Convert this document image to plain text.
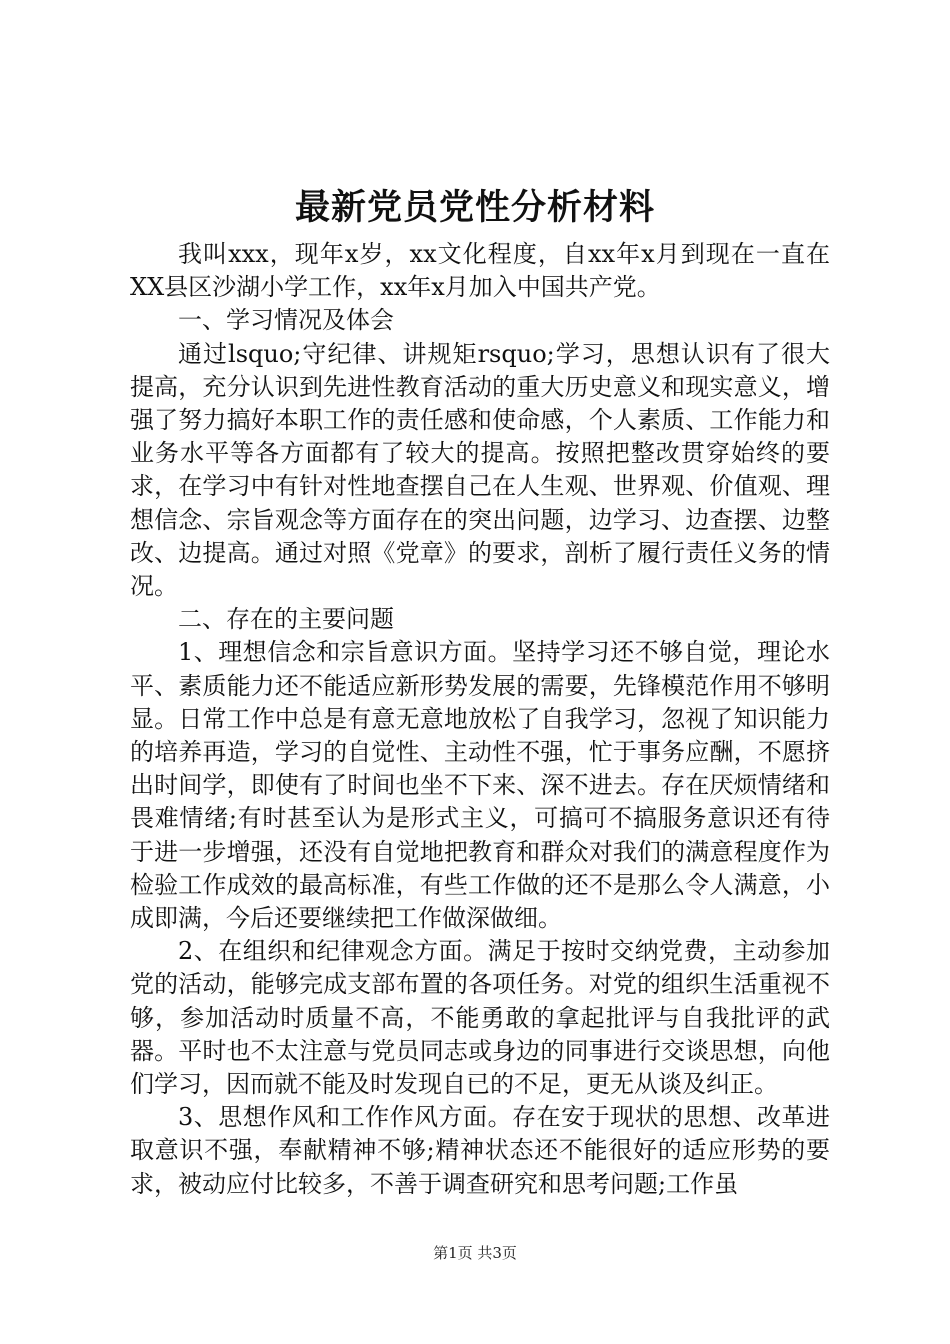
最新党员党性分析材料

我叫xxx，现年x岁，xx文化程度，自xx年x月到现在一直在XX县区沙湖小学工作，xx年x月加入中国共产党。

一、学习情况及体会

通过lsquo;守纪律、讲规矩rsquo;学习，思想认识有了很大提高，充分认识到先进性教育活动的重大历史意义和现实意义，增强了努力搞好本职工作的责任感和使命感，个人素质、工作能力和业务水平等各方面都有了较大的提高。按照把整改贯穿始终的要求，在学习中有针对性地查摆自己在人生观、世界观、价值观、理想信念、宗旨观念等方面存在的突出问题，边学习、边查摆、边整改、边提高。通过对照《党章》的要求，剖析了履行责任义务的情况。

二、存在的主要问题

1、理想信念和宗旨意识方面。坚持学习还不够自觉，理论水平、素质能力还不能适应新形势发展的需要，先锋模范作用不够明显。日常工作中总是有意无意地放松了自我学习，忽视了知识能力的培养再造，学习的自觉性、主动性不强，忙于事务应酬，不愿挤出时间学，即使有了时间也坐不下来、深不进去。存在厌烦情绪和畏难情绪;有时甚至认为是形式主义，可搞可不搞服务意识还有待于进一步增强，还没有自觉地把教育和群众对我们的满意程度作为检验工作成效的最高标准，有些工作做的还不是那么令人满意，小成即满，今后还要继续把工作做深做细。

2、在组织和纪律观念方面。满足于按时交纳党费，主动参加党的活动，能够完成支部布置的各项任务。对党的组织生活重视不够，参加活动时质量不高，不能勇敢的拿起批评与自我批评的武器。平时也不太注意与党员同志或身边的同事进行交谈思想，向他们学习，因而就不能及时发现自已的不足，更无从谈及纠正。

3、思想作风和工作作风方面。存在安于现状的思想、改革进取意识不强，奉献精神不够;精神状态还不能很好的适应形势的要求，被动应付比较多，不善于调查研究和思考问题;工作虽

第1页 共3页
